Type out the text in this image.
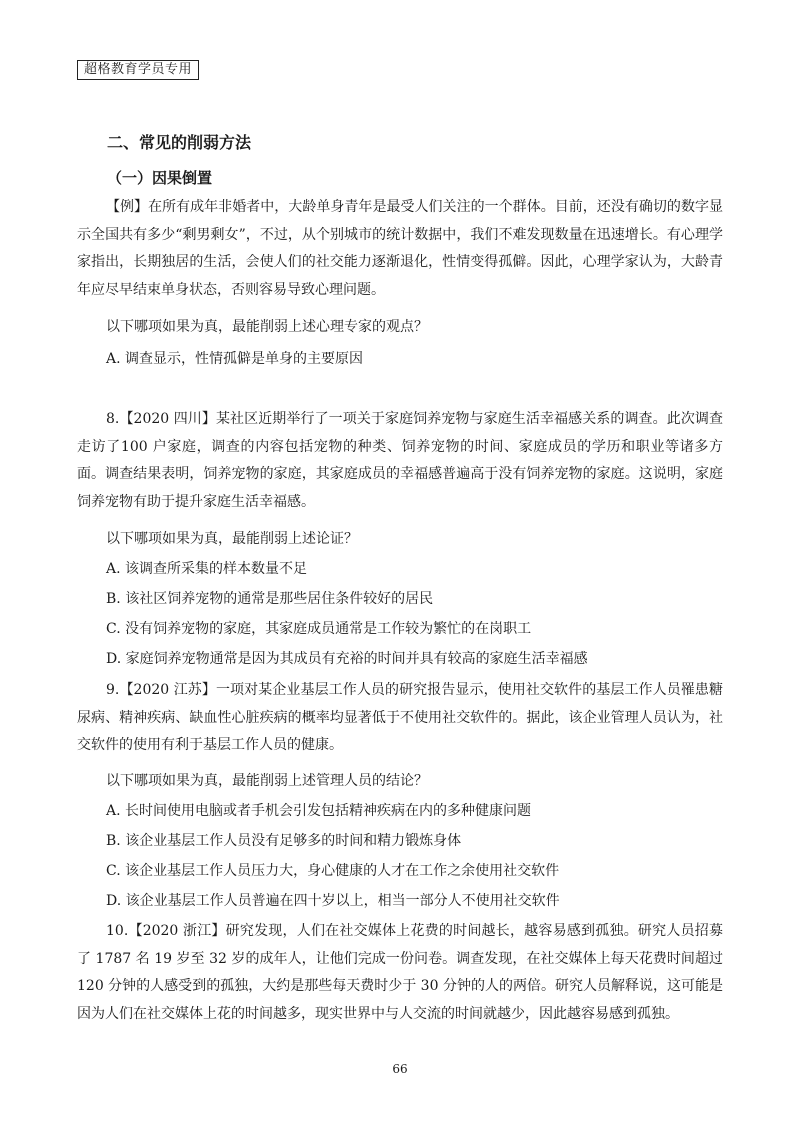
超格教育学员专用
二、常见的削弱方法
（一）因果倒置

【例】在所有成年非婚者中，大龄单身青年是最受人们关注的一个群体。目前，还没有确切的数字显示全国共有多少“剩男剩女”，不过，从个别城市的统计数据中，我们不难发现数量在迅速增长。有心理学家指出，长期独居的生活，会使人们的社交能力逐渐退化，性情变得孤僻。因此，心理学家认为，大龄青年应尽早结束单身状态，否则容易导致心理问题。

以下哪项如果为真，最能削弱上述心理专家的观点？
A. 调查显示，性情孤僻是单身的主要原因

8.【2020 四川】某社区近期举行了一项关于家庭饲养宠物与家庭生活幸福感关系的调查。此次调查走访了100 户家庭，调查的内容包括宠物的种类、饲养宠物的时间、家庭成员的学历和职业等诸多方面。调查结果表明，饲养宠物的家庭，其家庭成员的幸福感普遍高于没有饲养宠物的家庭。这说明，家庭饲养宠物有助于提升家庭生活幸福感。

以下哪项如果为真，最能削弱上述论证？
A. 该调查所采集的样本数量不足
B. 该社区饲养宠物的通常是那些居住条件较好的居民
C. 没有饲养宠物的家庭，其家庭成员通常是工作较为繁忙的在岗职工
D. 家庭饲养宠物通常是因为其成员有充裕的时间并具有较高的家庭生活幸福感

9.【2020 江苏】一项对某企业基层工作人员的研究报告显示，使用社交软件的基层工作人员罹患糖尿病、精神疾病、缺血性心脏疾病的概率均显著低于不使用社交软件的。据此，该企业管理人员认为，社交软件的使用有利于基层工作人员的健康。

以下哪项如果为真，最能削弱上述管理人员的结论？
A. 长时间使用电脑或者手机会引发包括精神疾病在内的多种健康问题
B. 该企业基层工作人员没有足够多的时间和精力锻炼身体
C. 该企业基层工作人员压力大，身心健康的人才在工作之余使用社交软件
D. 该企业基层工作人员普遍在四十岁以上，相当一部分人不使用社交软件

10.【2020 浙江】研究发现，人们在社交媒体上花费的时间越长，越容易感到孤独。研究人员招募了 1787 名 19 岁至 32 岁的成年人，让他们完成一份问卷。调查发现，在社交媒体上每天花费时间超过 120 分钟的人感受到的孤独，大约是那些每天费时少于 30 分钟的人的两倍。研究人员解释说，这可能是因为人们在社交媒体上花的时间越多，现实世界中与人交流的时间就越少，因此越容易感到孤独。

66
